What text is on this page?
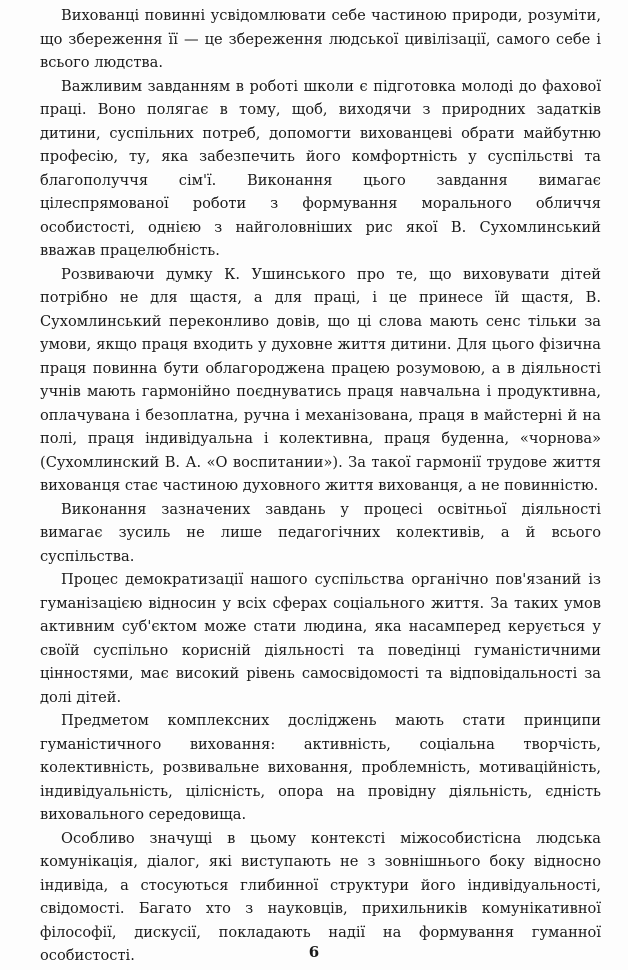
Вихованці повинні усвідомлювати себе частиною природи, розуміти, що збереження її — це збереження людської цивілізації, самого себе і всього людства.

Важливим завданням в роботі школи є підготовка молоді до фахової праці. Воно полягає в тому, щоб, виходячи з природних задатків дитини, суспільних потреб, допомогти вихованцеві обрати майбутню професію, ту, яка забезпечить його комфортність у суспільстві та благополуччя сім'ї. Виконання цього завдання вимагає цілеспрямованої роботи з формування морального обличчя особистості, однією з найголовніших рис якої В. Сухомлинський вважав працелюбність.

Розвиваючи думку К. Ушинського про те, що виховувати дітей потрібно не для щастя, а для праці, і це принесе їй щастя, В. Сухомлинський переконливо довів, що ці слова мають сенс тільки за умови, якщо праця входить у духовне життя дитини. Для цього фізична праця повинна бути облагороджена працею розумовою, а в діяльності учнів мають гармонійно поєднуватись праця навчальна і продуктивна, оплачувана і безоплатна, ручна і механізована, праця в майстерні й на полі, праця індивідуальна і колективна, праця буденна, «чорнова» (Сухомлинский В. А. «О воспитании»). За такої гармонії трудове життя вихованця стає частиною духовного життя вихованця, а не повинністю.

Виконання зазначених завдань у процесі освітньої діяльності вимагає зусиль не лише педагогічних колективів, а й всього суспільства.

Процес демократизації нашого суспільства органічно пов'язаний із гуманізацією відносин у всіх сферах соціального життя. За таких умов активним суб'єктом може стати людина, яка насамперед керується у своїй суспільно корисній діяльності та поведінці гуманістичними цінностями, має високий рівень самосвідомості та відповідальності за долі дітей.

Предметом комплексних досліджень мають стати принципи гуманістичного виховання: активність, соціальна творчість, колективність, розвивальне виховання, проблемність, мотиваційність, індивідуальність, цілісність, опора на провідну діяльність, єдність виховального середовища.

Особливо значущі в цьому контексті міжособистісна людська комунікація, діалог, які виступають не з зовнішнього боку відносно індивіда, а стосуються глибинної структури його індивідуальності, свідомості. Багато хто з науковців, прихильників комунікативної філософії, дискусії, покладають надії на формування гуманної особистості.	6
